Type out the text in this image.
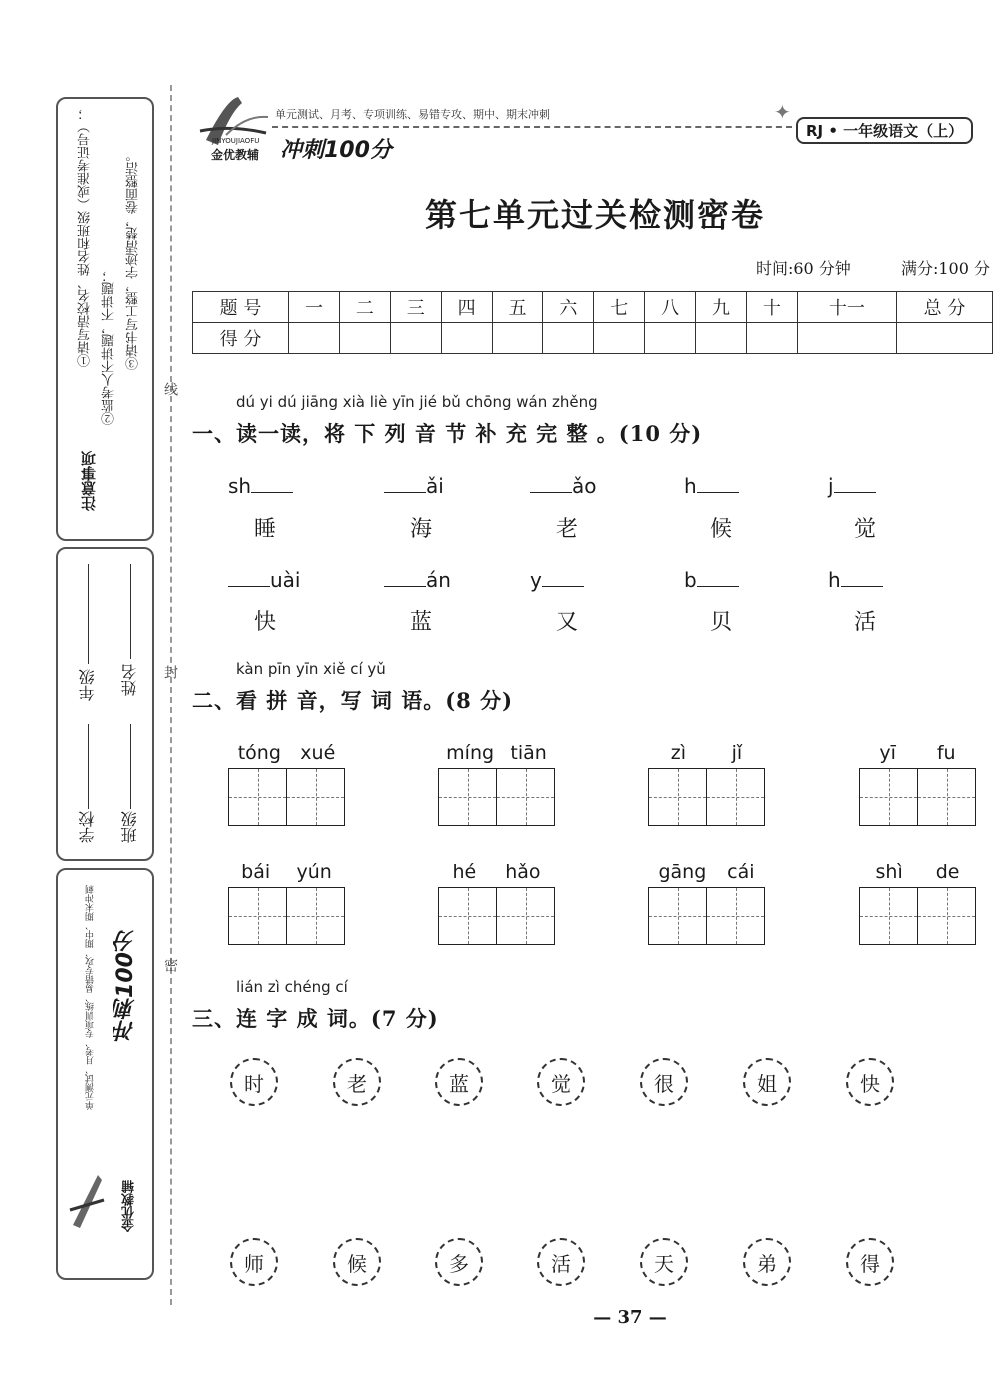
注意事项
①请写清校名、姓名和班级（或准考证号）； ②监考人不讲题，不讲题； ③请书写工整，字迹清楚，卷面整洁。
学校
年级
班级
姓名
单元测试、月考、专项训练、易错专攻、期中、期末冲刺 冲刺100分
金优教辅
线
封
密
JINYOUJIAOFU
金优教辅
单元测试、月考、专项训练、易错专攻、期中、期末冲刺	✦
冲刺100分
RJ • 一年级语文（上）
第七单元过关检测密卷
时间:60 分钟	满分:100 分
题 号	一	二	三	四	五	六	七	八	九	十	十一	总 分
得 分												
dú yi dú jiāng xià liè yīn jié bǔ chōng wán zhěng
一、读一读，将 下 列 音 节 补 充 完 整 。(10 分)
sh
睡
ǎi
海
ǎo
老
h
候
j
觉
uài
快
án
蓝
y
又
b
贝
h
活
kàn pīn yīn xiě cí yǔ
二、看 拼 音，写 词 语。(8 分)
tóng xué	míng tiān	zì jǐ	yī fu
bái yún	hé hǎo	gāng cái	shì de
lián zì chéng cí
三、连 字 成 词。(7 分)
时	老	蓝	觉	很	姐	快
师	候	多	活	天	弟	得
— 37 —
